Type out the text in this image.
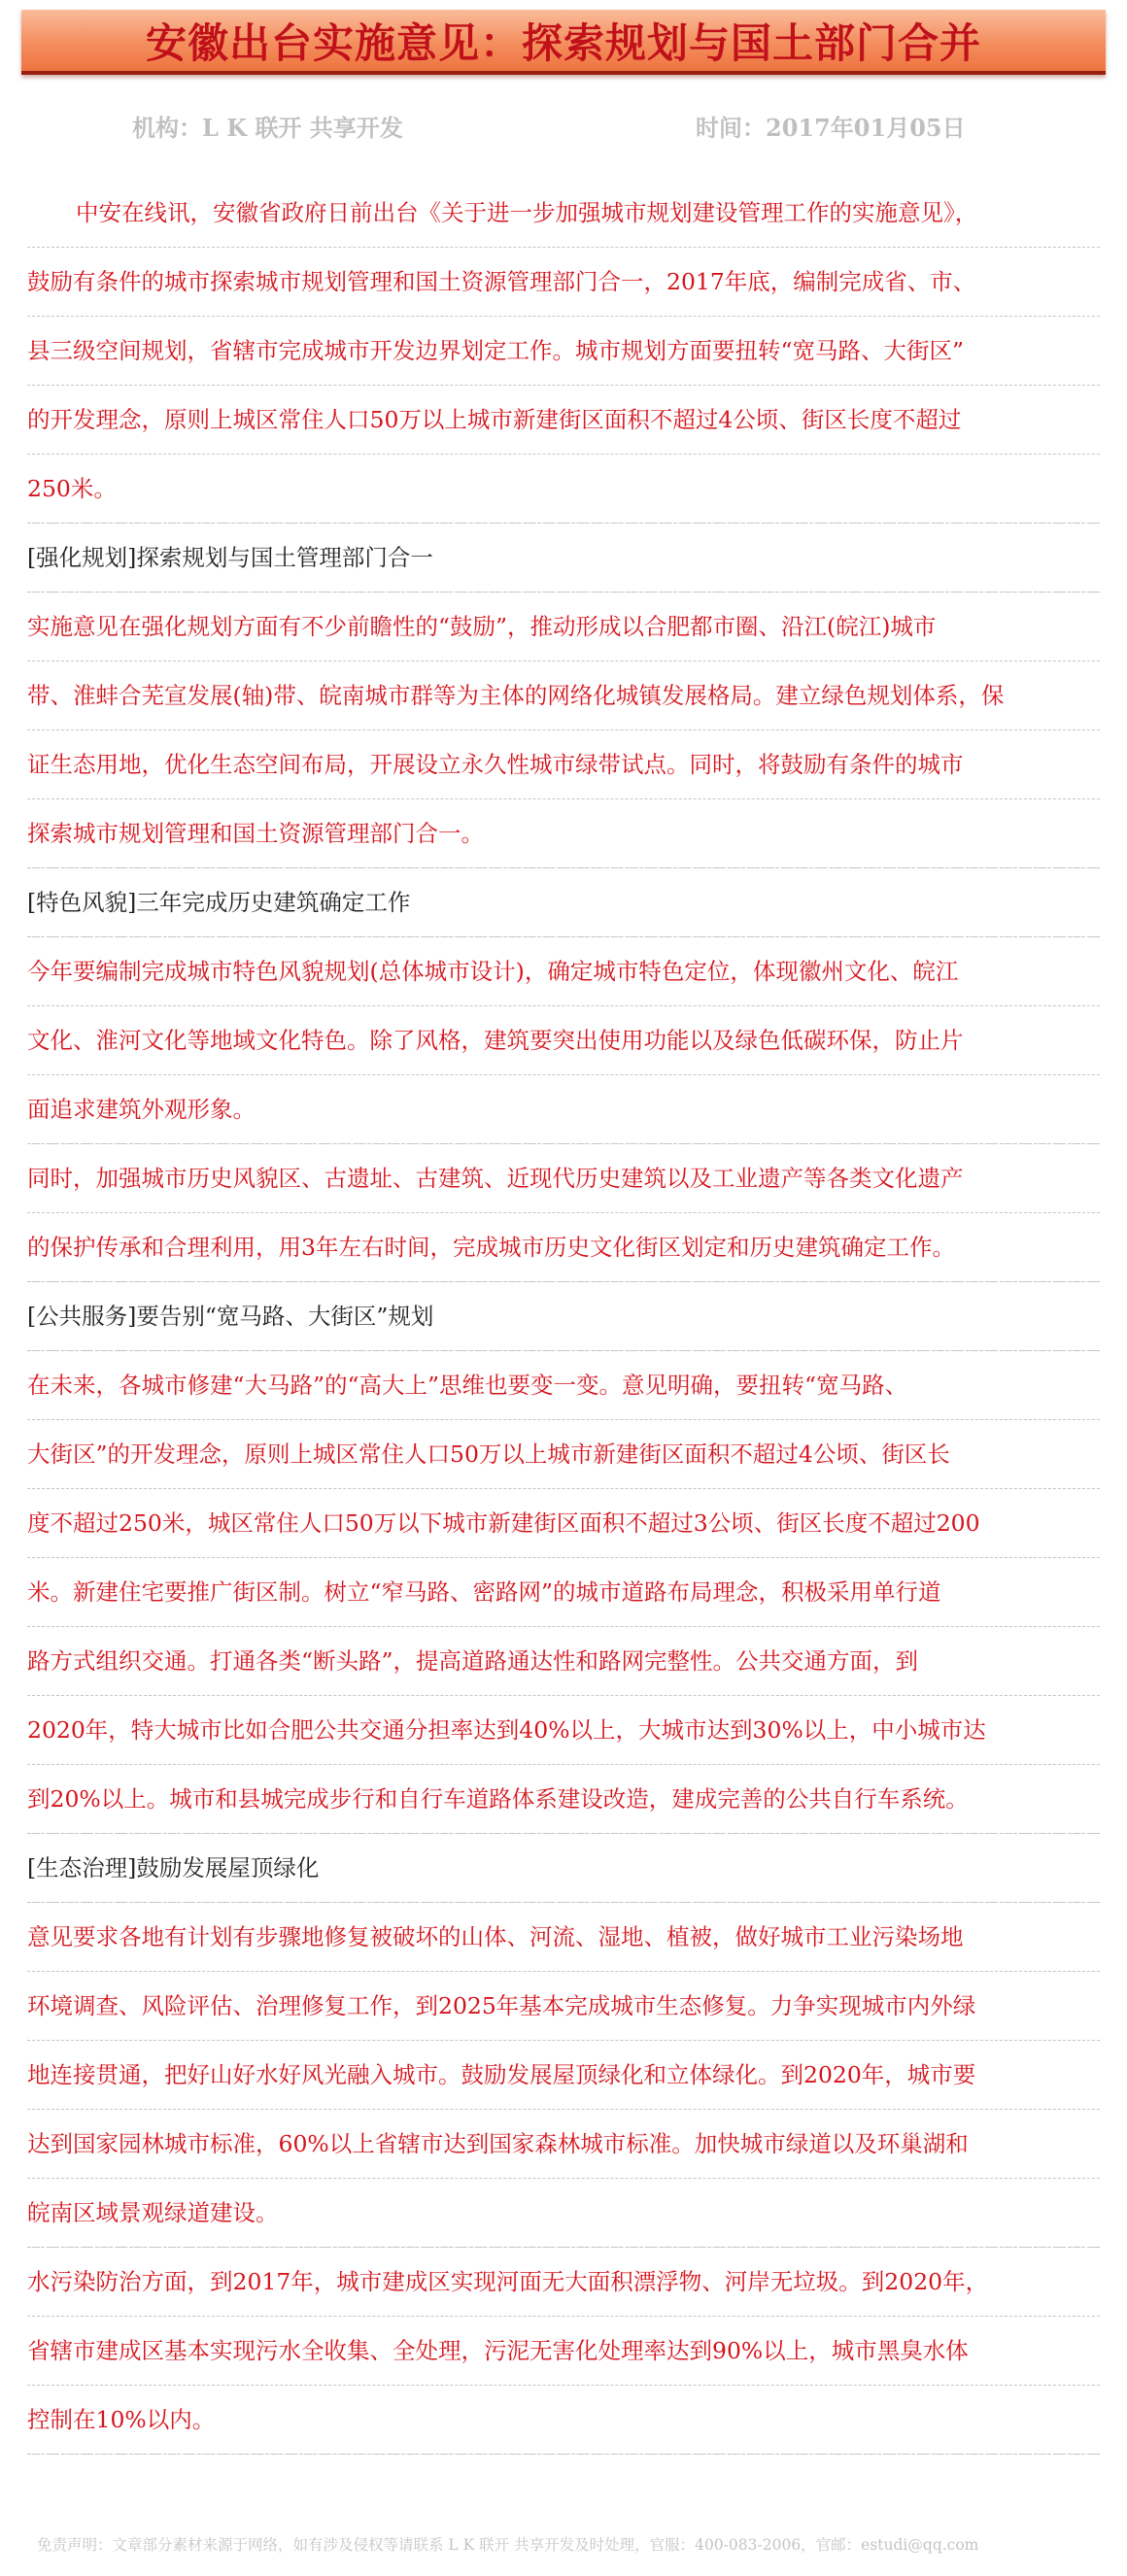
安徽出台实施意见：探索规划与国土部门合并
机构：L K 联开 共享开发	时间：2017年01月05日
中安在线讯，安徽省政府日前出台《关于进一步加强城市规划建设管理工作的实施意见》，
鼓励有条件的城市探索城市规划管理和国土资源管理部门合一，2017年底，编制完成省、市、
县三级空间规划，省辖市完成城市开发边界划定工作。城市规划方面要扭转“宽马路、大街区”
的开发理念，原则上城区常住人口50万以上城市新建街区面积不超过4公顷、街区长度不超过
250米。
[强化规划]探索规划与国土管理部门合一
实施意见在强化规划方面有不少前瞻性的“鼓励”，推动形成以合肥都市圈、沿江(皖江)城市
带、淮蚌合芜宣发展(轴)带、皖南城市群等为主体的网络化城镇发展格局。建立绿色规划体系，保
证生态用地，优化生态空间布局，开展设立永久性城市绿带试点。同时，将鼓励有条件的城市
探索城市规划管理和国土资源管理部门合一。
[特色风貌]三年完成历史建筑确定工作
今年要编制完成城市特色风貌规划(总体城市设计)，确定城市特色定位，体现徽州文化、皖江
文化、淮河文化等地域文化特色。除了风格，建筑要突出使用功能以及绿色低碳环保，防止片
面追求建筑外观形象。
同时，加强城市历史风貌区、古遗址、古建筑、近现代历史建筑以及工业遗产等各类文化遗产
的保护传承和合理利用，用3年左右时间，完成城市历史文化街区划定和历史建筑确定工作。
[公共服务]要告别“宽马路、大街区”规划
在未来，各城市修建“大马路”的“高大上”思维也要变一变。意见明确，要扭转“宽马路、
大街区”的开发理念，原则上城区常住人口50万以上城市新建街区面积不超过4公顷、街区长
度不超过250米，城区常住人口50万以下城市新建街区面积不超过3公顷、街区长度不超过200
米。新建住宅要推广街区制。树立“窄马路、密路网”的城市道路布局理念，积极采用单行道
路方式组织交通。打通各类“断头路”，提高道路通达性和路网完整性。公共交通方面，到
2020年，特大城市比如合肥公共交通分担率达到40%以上，大城市达到30%以上，中小城市达
到20%以上。城市和县城完成步行和自行车道路体系建设改造，建成完善的公共自行车系统。
[生态治理]鼓励发展屋顶绿化
意见要求各地有计划有步骤地修复被破坏的山体、河流、湿地、植被，做好城市工业污染场地
环境调查、风险评估、治理修复工作，到2025年基本完成城市生态修复。力争实现城市内外绿
地连接贯通，把好山好水好风光融入城市。鼓励发展屋顶绿化和立体绿化。到2020年，城市要
达到国家园林城市标准，60%以上省辖市达到国家森林城市标准。加快城市绿道以及环巢湖和
皖南区域景观绿道建设。
水污染防治方面，到2017年，城市建成区实现河面无大面积漂浮物、河岸无垃圾。到2020年，
省辖市建成区基本实现污水全收集、全处理，污泥无害化处理率达到90%以上，城市黑臭水体
控制在10%以内。
免责声明：文章部分素材来源于网络，如有涉及侵权等请联系 L K 联开 共享开发及时处理，官服：400-083-2006，官邮：estudi@qq.com
